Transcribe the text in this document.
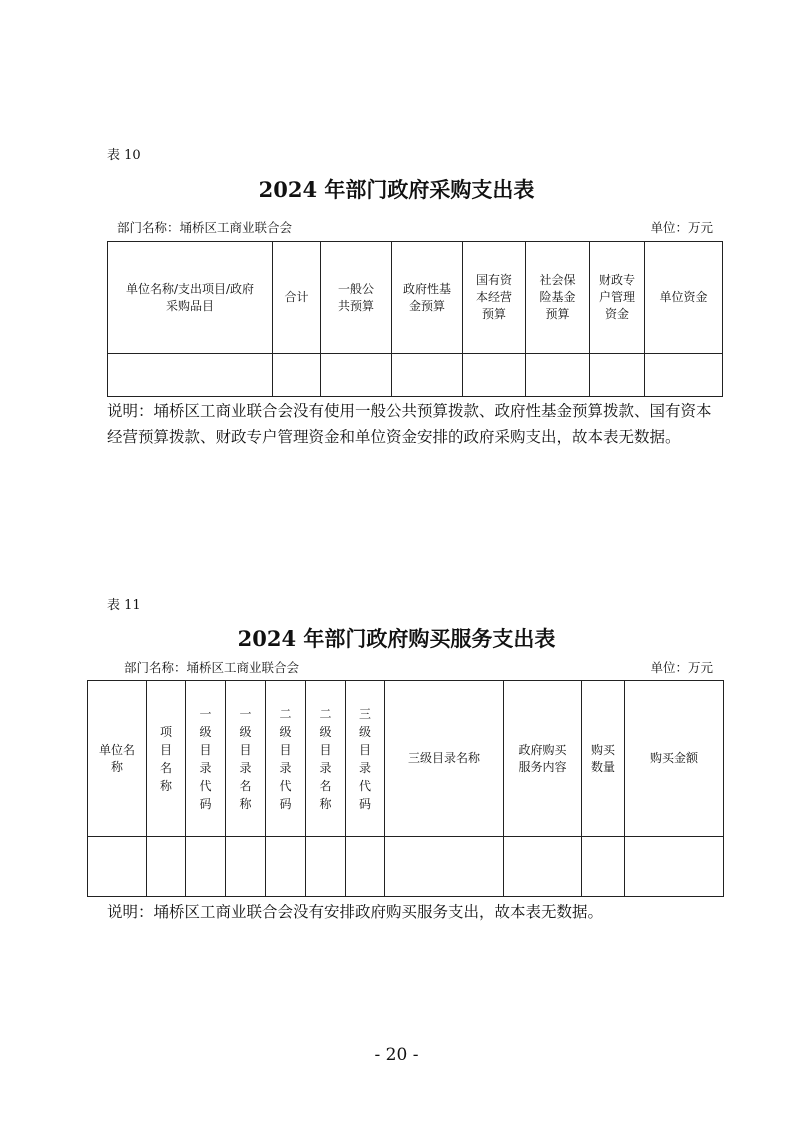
表 10
2024 年部门政府采购支出表
部门名称：埇桥区工商业联合会	单位：万元
单位名称/支出项目/政府采购品目	合计	一般公共预算	政府性基金预算	国有资本经营预算	社会保险基金预算	财政专户管理资金	单位资金

说明：埇桥区工商业联合会没有使用一般公共预算拨款、政府性基金预算拨款、国有资本经营预算拨款、财政专户管理资金和单位资金安排的政府采购支出，故本表无数据。
表 11
2024 年部门政府购买服务支出表
部门名称：埇桥区工商业联合会	单位：万元
单位名称	项目名称	一级目录代码	一级目录名称	二级目录代码	二级目录名称	三级目录代码	三级目录名称	政府购买服务内容	购买数量	购买金额

说明：埇桥区工商业联合会没有安排政府购买服务支出，故本表无数据。
- 20 -
